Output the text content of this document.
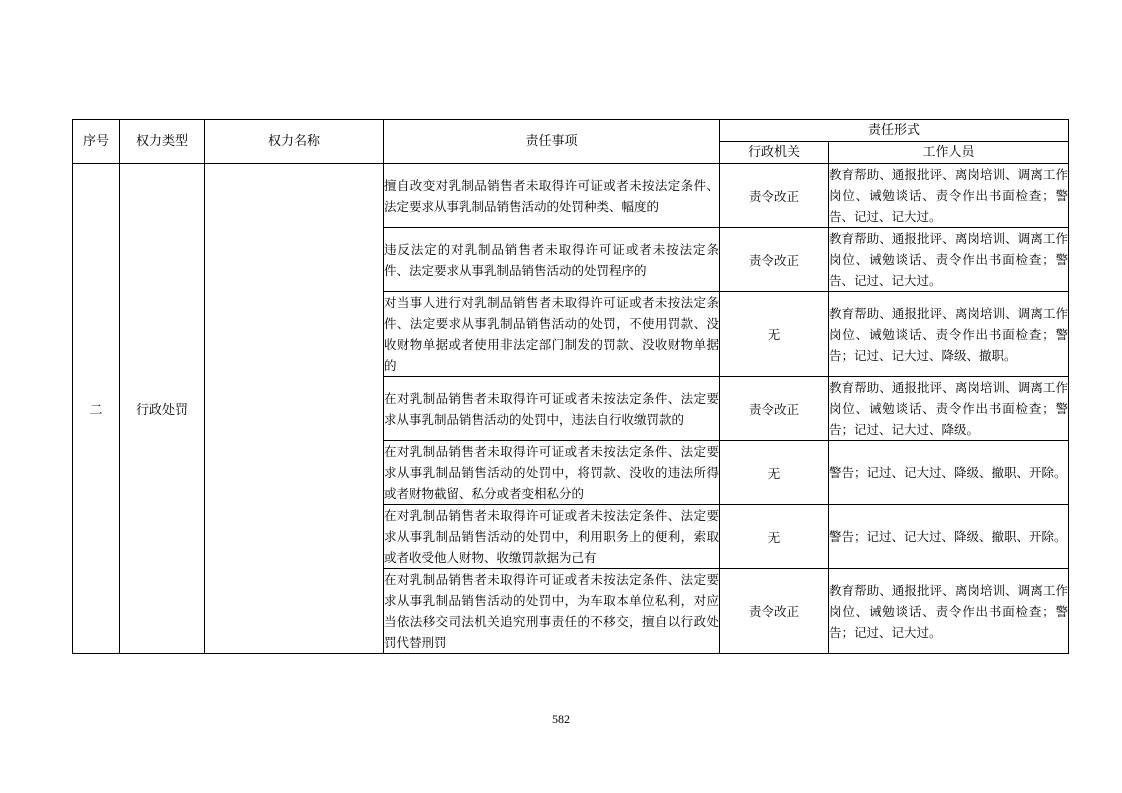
序号	权力类型	权力名称	责任事项	责任形式	
				行政机关	工作人员
二	行政处罚		擅自改变对乳制品销售者未取得许可证或者未按法定条件、法定要求从事乳制品销售活动的处罚种类、幅度的	责令改正	教育帮助、通报批评、离岗培训、调离工作岗位、诫勉谈话、责令作出书面检查；警告、记过、记大过。
			违反法定的对乳制品销售者未取得许可证或者未按法定条件、法定要求从事乳制品销售活动的处罚程序的	责令改正	教育帮助、通报批评、离岗培训、调离工作岗位、诫勉谈话、责令作出书面检查；警告、记过、记大过。
			对当事人进行对乳制品销售者未取得许可证或者未按法定条件、法定要求从事乳制品销售活动的处罚，不使用罚款、没收财物单据或者使用非法定部门制发的罚款、没收财物单据的	无	教育帮助、通报批评、离岗培训、调离工作岗位、诫勉谈话、责令作出书面检查；警告；记过、记大过、降级、撤职。
			在对乳制品销售者未取得许可证或者未按法定条件、法定要求从事乳制品销售活动的处罚中，违法自行收缴罚款的	责令改正	教育帮助、通报批评、离岗培训、调离工作岗位、诫勉谈话、责令作出书面检查；警告；记过、记大过、降级。
			在对乳制品销售者未取得许可证或者未按法定条件、法定要求从事乳制品销售活动的处罚中，将罚款、没收的违法所得或者财物截留、私分或者变相私分的	无	警告；记过、记大过、降级、撤职、开除。
			在对乳制品销售者未取得许可证或者未按法定条件、法定要求从事乳制品销售活动的处罚中，利用职务上的便利，索取或者收受他人财物、收缴罚款据为己有	无	警告；记过、记大过、降级、撤职、开除。
			在对乳制品销售者未取得许可证或者未按法定条件、法定要求从事乳制品销售活动的处罚中，为车取本单位私利，对应当依法移交司法机关追究刑事责任的不移交，擅自以行政处罚代替刑罚	责令改正	教育帮助、通报批评、离岗培训、调离工作岗位、诫勉谈话、责令作出书面检查；警告；记过、记大过。
582
